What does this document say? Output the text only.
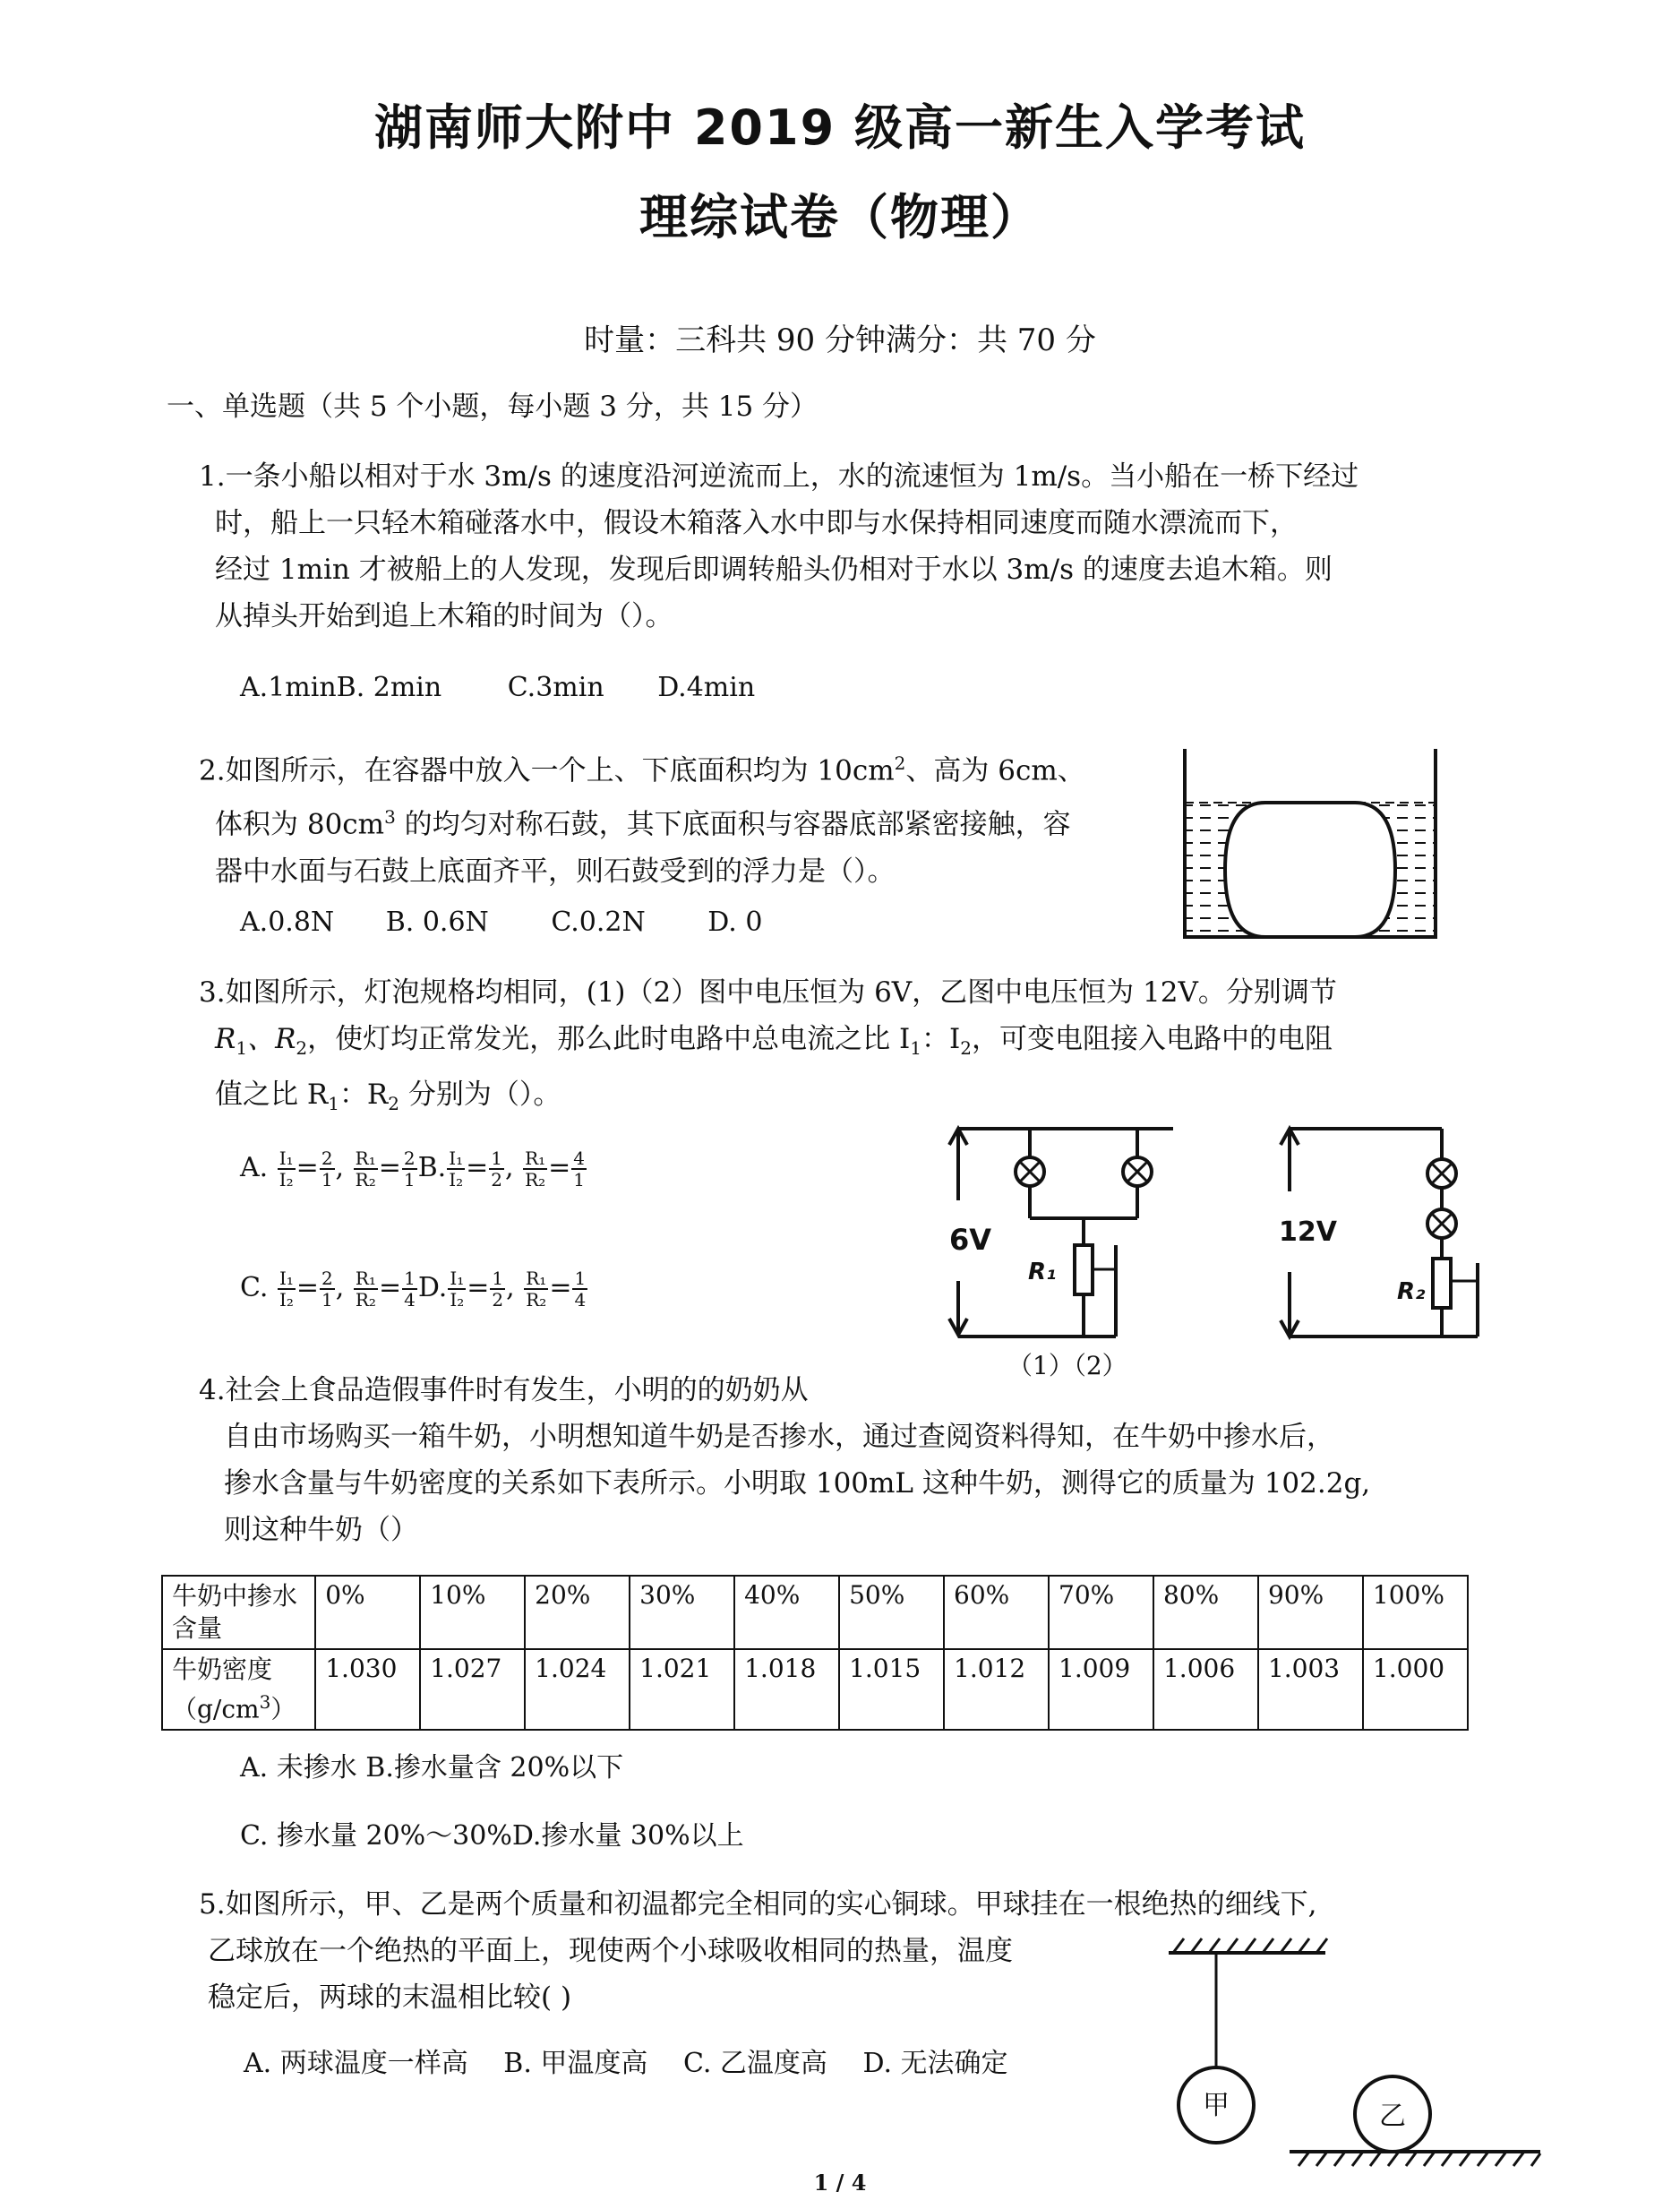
湖南师大附中 2019 级高一新生入学考试
理综试卷（物理）
时量：三科共 90 分钟满分：共 70 分
一、单选题（共 5 个小题，每小题 3 分，共 15 分）
1.一条小船以相对于水 3m/s 的速度沿河逆流而上，水的流速恒为 1m/s。当小船在一桥下经过
时，船上一只轻木箱碰落水中，假设木箱落入水中即与水保持相同速度而随水漂流而下，
经过 1min 才被船上的人发现，发现后即调转船头仍相对于水以 3m/s 的速度去追木箱。则
从掉头开始到追上木箱的时间为（）。
A.1minB. 2min C.3min D.4min
2.如图所示，在容器中放入一个上、下底面积均为 $10cm^2$、高为 6cm、
体积为 $80cm^3$ 的均匀对称石鼓，其下底面积与容器底部紧密接触，容
器中水面与石鼓上底面齐平，则石鼓受到的浮力是（）。
A.0.8N B. 0.6N C.0.2N D. 0
3.如图所示，灯泡规格均相同，(1)（2）图中电压恒为 6V，乙图中电压恒为 12V。分别调节
$R_1$、$R_2$，使灯均正常发光，那么此时电路中总电流之比 $I_1$：$I_2$，可变电阻接入电路中的电阻
值之比 $R_1$：$R_2$ 分别为（）。
A. $\frac{\text{I₁}}{\text{I₂}} = \frac{2}{1}$ , $\frac{\text{R₁}}{\text{R₂}} = \frac{2}{1} B$. $\frac{\text{I₁}}{\text{I₂}} = \frac{1}{2}$ , $\frac{\text{R₁}}{\text{R₂}} = \frac{4}{1}$
C. $\frac{\text{I₁}}{\text{I₂}} = \frac{2}{1}$ , $\frac{\text{R₁}}{\text{R₂}} = \frac{1}{4} D$. $\frac{\text{I₁}}{\text{I₂}} = \frac{1}{2}$ , $\frac{\text{R₁}}{\text{R₂}} = \frac{1}{4}$
6V
R₁
12V
R₂
（1）（2）
4.社会上食品造假事件时有发生，小明的的奶奶从
自由市场购买一箱牛奶，小明想知道牛奶是否掺水，通过查阅资料得知，在牛奶中掺水后，
掺水含量与牛奶密度的关系如下表所示。小明取 100mL 这种牛奶，测得它的质量为 102.2g,
则这种牛奶（）
牛奶中掺水含量	0%	10%	20%	30%	40%	50%	60%	70%	80%	90%	100%

牛奶密度
$(g/cm^3)$	1.030	1.027	1.024	1.021	1.018	1.015	1.012	1.009	1.006	1.003	1.000
A. 未掺水 B.掺水量含 20%以下
C. 掺水量 20%～30%D.掺水量 30%以上
5.如图所示，甲、乙是两个质量和初温都完全相同的实心铜球。甲球挂在一根绝热的细线下,
乙球放在一个绝热的平面上，现使两个小球吸收相同的热量，温度
稳定后，两球的末温相比较( )
A. 两球温度一样高 B. 甲温度高 C. 乙温度高 D. 无法确定
甲	乙
1 / 4
